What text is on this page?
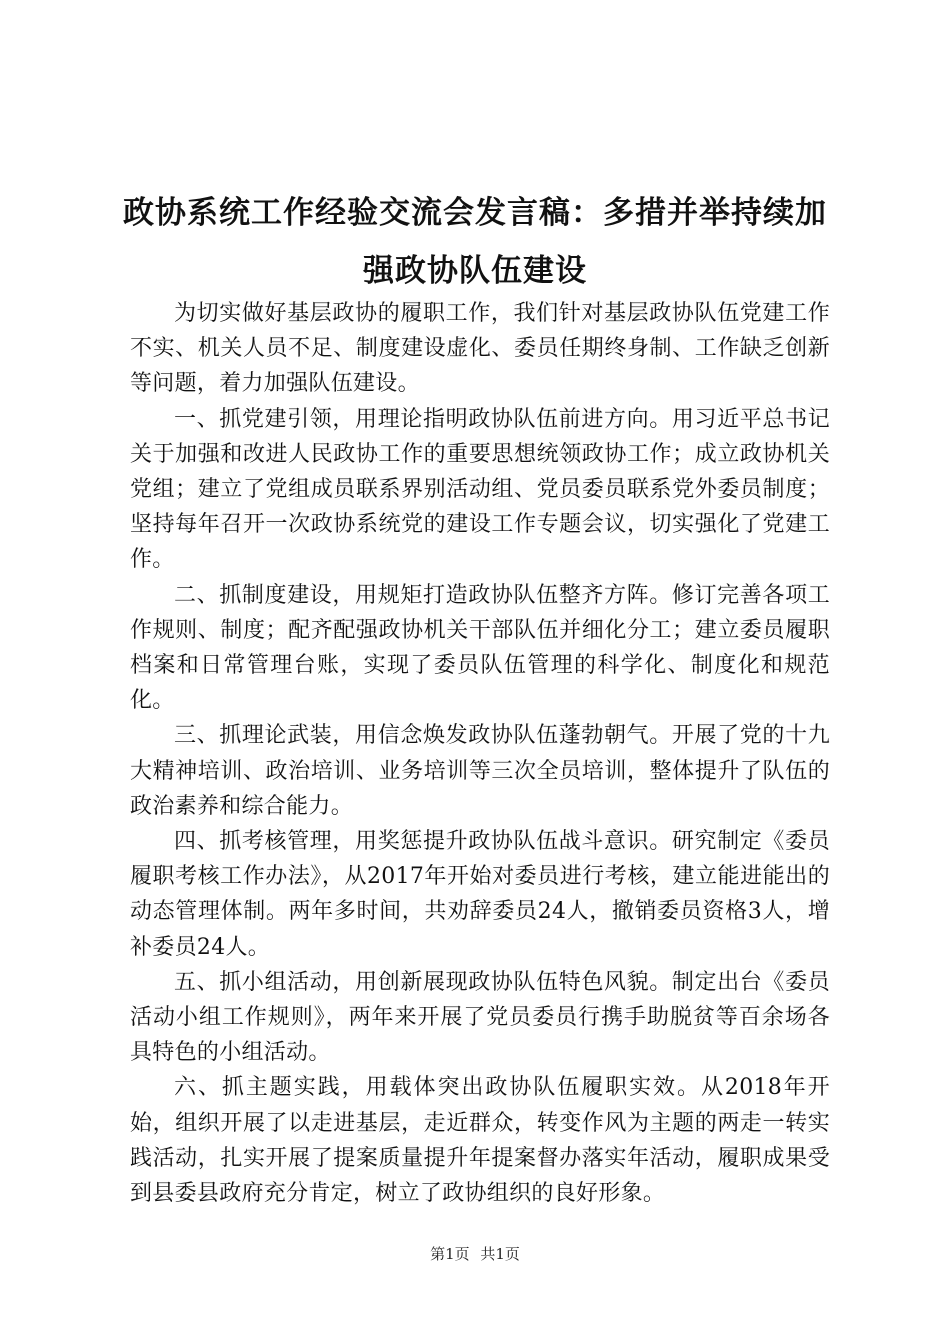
政协系统工作经验交流会发言稿：多措并举持续加强政协队伍建设

为切实做好基层政协的履职工作，我们针对基层政协队伍党建工作不实、机关人员不足、制度建设虚化、委员任期终身制、工作缺乏创新等问题，着力加强队伍建设。

一、抓党建引领，用理论指明政协队伍前进方向。用习近平总书记关于加强和改进人民政协工作的重要思想统领政协工作；成立政协机关党组；建立了党组成员联系界别活动组、党员委员联系党外委员制度；坚持每年召开一次政协系统党的建设工作专题会议，切实强化了党建工作。

二、抓制度建设，用规矩打造政协队伍整齐方阵。修订完善各项工作规则、制度；配齐配强政协机关干部队伍并细化分工；建立委员履职档案和日常管理台账，实现了委员队伍管理的科学化、制度化和规范化。

三、抓理论武装，用信念焕发政协队伍蓬勃朝气。开展了党的十九大精神培训、政治培训、业务培训等三次全员培训，整体提升了队伍的政治素养和综合能力。

四、抓考核管理，用奖惩提升政协队伍战斗意识。研究制定《委员履职考核工作办法》，从2017年开始对委员进行考核，建立能进能出的动态管理体制。两年多时间，共劝辞委员24人，撤销委员资格3人，增补委员24人。

五、抓小组活动，用创新展现政协队伍特色风貌。制定出台《委员活动小组工作规则》，两年来开展了党员委员行携手助脱贫等百余场各具特色的小组活动。

六、抓主题实践，用载体突出政协队伍履职实效。从2018年开始，组织开展了以走进基层，走近群众，转变作风为主题的两走一转实践活动，扎实开展了提案质量提升年提案督办落实年活动，履职成果受到县委县政府充分肯定，树立了政协组织的良好形象。

第1页 共1页
